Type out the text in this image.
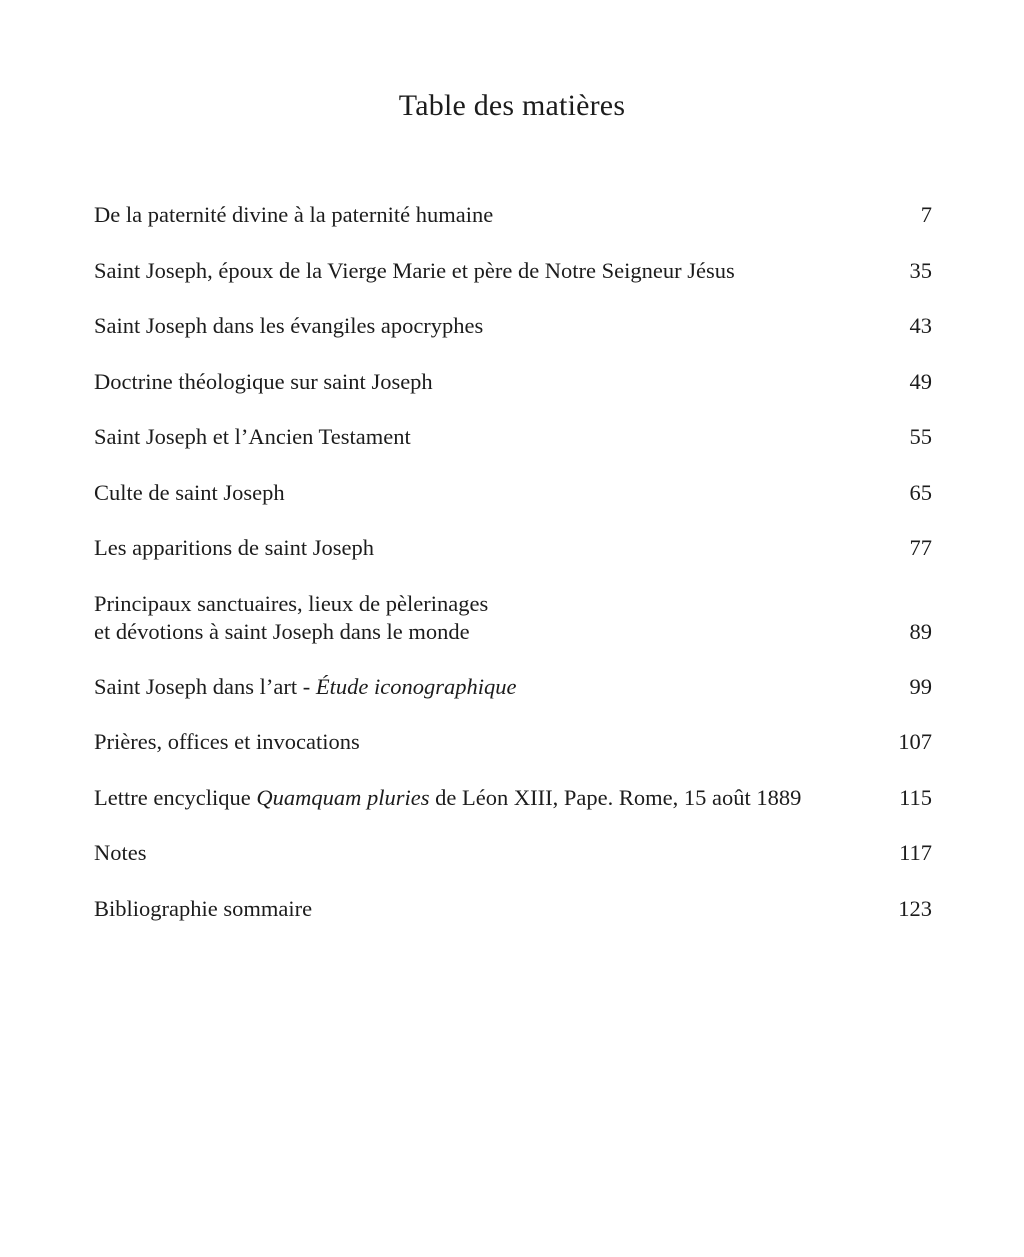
Table des matières
De la paternité divine à la paternité humaine	7
Saint Joseph, époux de la Vierge Marie et père de Notre Seigneur Jésus	35
Saint Joseph dans les évangiles apocryphes	43
Doctrine théologique sur saint Joseph	49
Saint Joseph et l’Ancien Testament	55
Culte de saint Joseph	65
Les apparitions de saint Joseph	77
Principaux sanctuaires, lieux de pèlerinages
et dévotions à saint Joseph dans le monde	89
Saint Joseph dans l’art - Étude iconographique	99
Prières, offices et invocations	107
Lettre encyclique Quamquam pluries de Léon XIII, Pape. Rome, 15 août 1889	115
Notes	117
Bibliographie sommaire	123
